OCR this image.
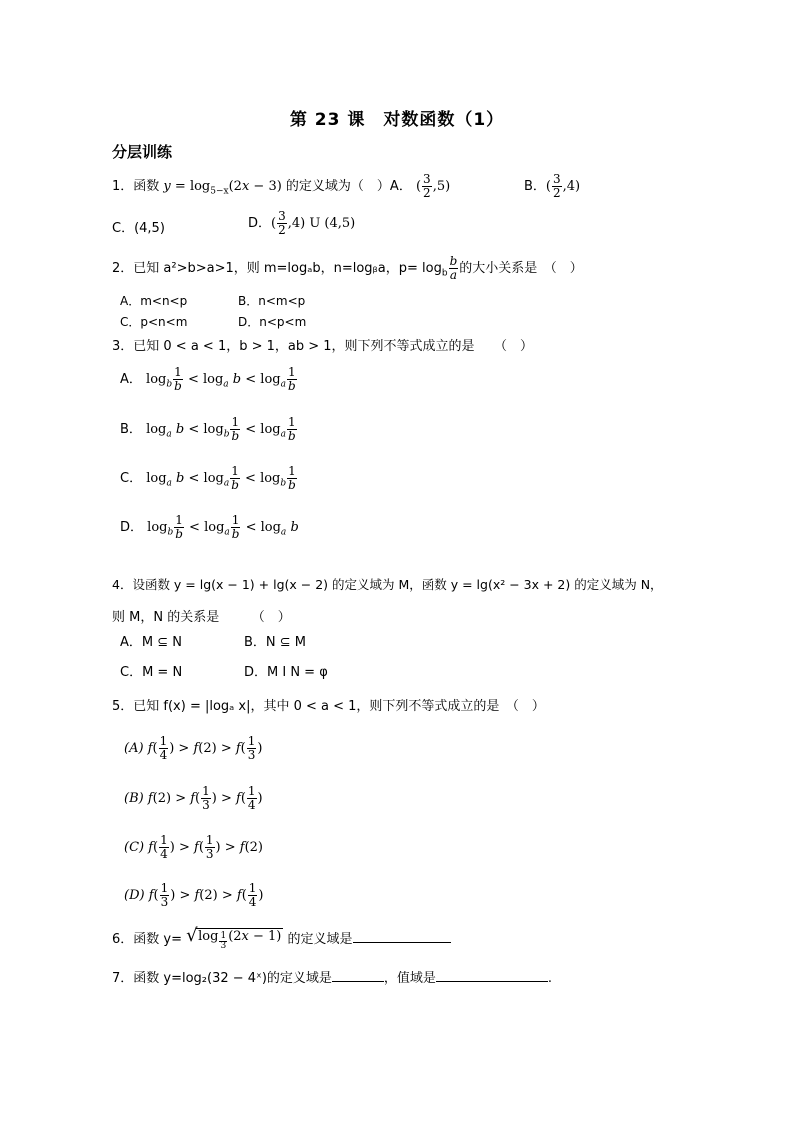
第 23 课　对数函数（1）
分层训练
1．函数 $y = \log_{5-x}(2x - 3)$ 的定义域为（　）A． ( $\frac{3}{2} ,5$)	B．( $\frac{3}{2} ,4$)
C．(4,5)	D．( $\frac{3}{2} ,4$) U (4,5)
2．已知 a²>b>a>1，则 m=logₐb，n=logᵦa，$p= \log_b \frac{b}{a}$ 的大小关系是　（　）
A．m<n<p	B．n<m<p
C．p<n<m	D．n<p<m
3．已知 0 < a < 1，b > 1，ab > 1，则下列不等式成立的是　　（　）
A． $\log_b \frac{1}{b} < \log_a b < \log_a \frac{1}{b}$
B． $\log_a b < \log_b \frac{1}{b} < \log_a \frac{1}{b}$
C． $\log_a b < \log_a \frac{1}{b} < \log_b \frac{1}{b}$
D． $\log_b \frac{1}{b} < \log_a \frac{1}{b} < \log_a b$
4．设函数 y = lg(x − 1) + lg(x − 2) 的定义域为 M，函数 y = lg(x² − 3x + 2) 的定义域为 N，
则 M，N 的关系是　　　（　）
A．M ⊆ N	B．N ⊆ M
C．M = N	D．M I N = φ
5．已知 f(x) = |logₐ x|，其中 0 < a < 1，则下列不等式成立的是　（　）
(A) $f( \frac{1}{4}$ ) > $f(2) > f( \frac{1}{3}$ )
(B) $f(2) > f( \frac{1}{3}$ ) > $f( \frac{1}{4}$ )
(C) $f( \frac{1}{4}$ ) > $f( \frac{1}{3}$ ) > f(2)
(D) $f( \frac{1}{3}$ ) > $f(2) > f( \frac{1}{4}$ )
6．函数 y= √ log $_{\frac{1}{3}}$ (2x − 1) 的定义域是
7．函数 y=log₂(32 − 4ˣ)的定义域是	，值域是	.
